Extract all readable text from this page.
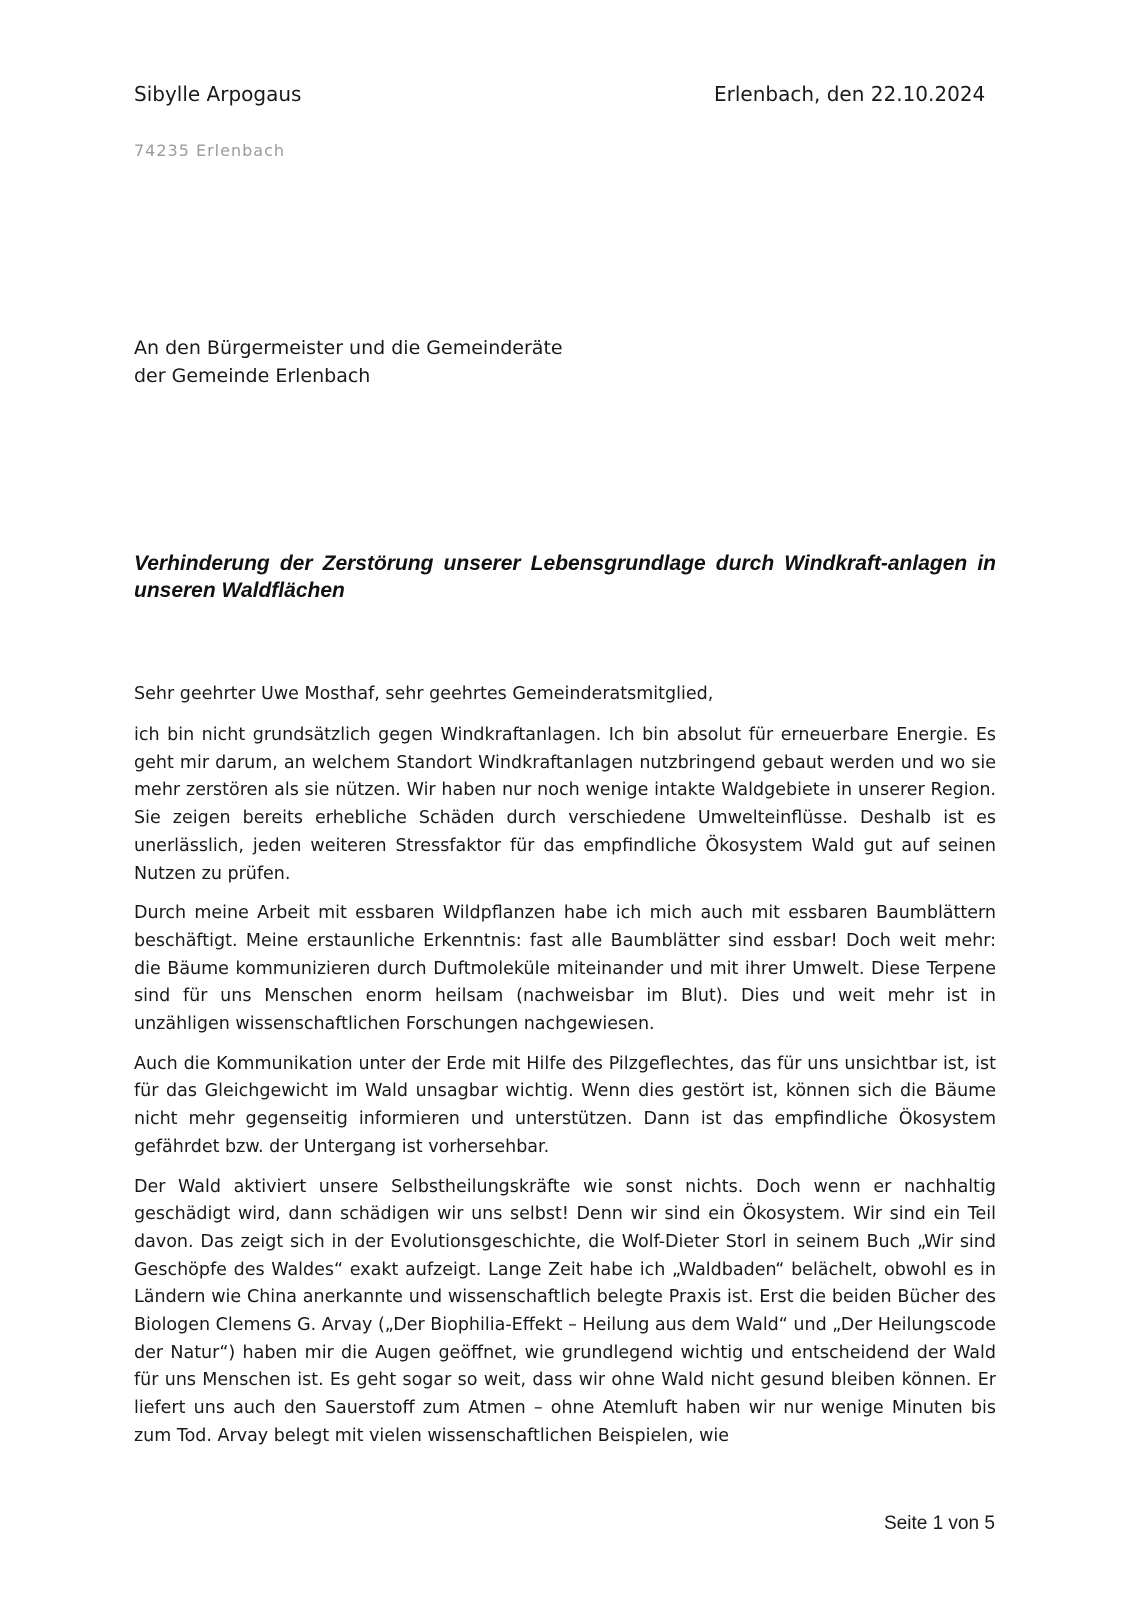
Sibylle Arpogaus	Erlenbach, den 22.10.2024
74235 Erlenbach
An den Bürgermeister und die Gemeinderäte
der Gemeinde Erlenbach
Verhinderung der Zerstörung unserer Lebensgrundlage durch Windkraft-anlagen in unseren Waldflächen
Sehr geehrter Uwe Mosthaf, sehr geehrtes Gemeinderatsmitglied,

ich bin nicht grundsätzlich gegen Windkraftanlagen. Ich bin absolut für erneuerbare Energie. Es geht mir darum, an welchem Standort Windkraftanlagen nutzbringend gebaut werden und wo sie mehr zerstören als sie nützen. Wir haben nur noch wenige intakte Waldgebiete in unserer Region. Sie zeigen bereits erhebliche Schäden durch verschiedene Umwelteinflüsse. Deshalb ist es unerlässlich, jeden weiteren Stressfaktor für das empfindliche Ökosystem Wald gut auf seinen Nutzen zu prüfen.

Durch meine Arbeit mit essbaren Wildpflanzen habe ich mich auch mit essbaren Baumblättern beschäftigt. Meine erstaunliche Erkenntnis: fast alle Baumblätter sind essbar! Doch weit mehr: die Bäume kommunizieren durch Duftmoleküle miteinander und mit ihrer Umwelt. Diese Terpene sind für uns Menschen enorm heilsam (nachweisbar im Blut). Dies und weit mehr ist in unzähligen wissenschaftlichen Forschungen nachgewiesen.

Auch die Kommunikation unter der Erde mit Hilfe des Pilzgeflechtes, das für uns unsichtbar ist, ist für das Gleichgewicht im Wald unsagbar wichtig. Wenn dies gestört ist, können sich die Bäume nicht mehr gegenseitig informieren und unterstützen. Dann ist das empfindliche Ökosystem gefährdet bzw. der Untergang ist vorhersehbar.

Der Wald aktiviert unsere Selbstheilungskräfte wie sonst nichts. Doch wenn er nachhaltig geschädigt wird, dann schädigen wir uns selbst! Denn wir sind ein Ökosystem. Wir sind ein Teil davon. Das zeigt sich in der Evolutionsgeschichte, die Wolf-Dieter Storl in seinem Buch „Wir sind Geschöpfe des Waldes“ exakt aufzeigt. Lange Zeit habe ich „Waldbaden“ belächelt, obwohl es in Ländern wie China anerkannte und wissenschaftlich belegte Praxis ist. Erst die beiden Bücher des Biologen Clemens G. Arvay („Der Biophilia-Effekt – Heilung aus dem Wald“ und „Der Heilungscode der Natur“) haben mir die Augen geöffnet, wie grundlegend wichtig und entscheidend der Wald für uns Menschen ist. Es geht sogar so weit, dass wir ohne Wald nicht gesund bleiben können. Er liefert uns auch den Sauerstoff zum Atmen – ohne Atemluft haben wir nur wenige Minuten bis zum Tod. Arvay belegt mit vielen wissenschaftlichen Beispielen, wie

Seite 1 von 5
